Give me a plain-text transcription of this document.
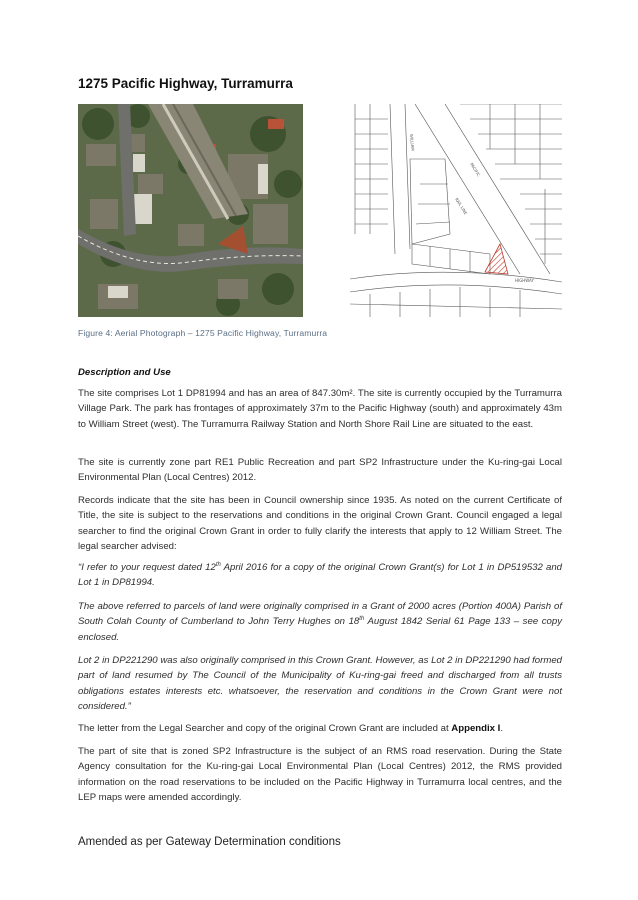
1275 Pacific Highway, Turramurra
PACIFIC
HIGHWAY
WILLIAM
RAIL LINE
Figure 4: Aerial Photograph – 1275 Pacific Highway, Turramurra
Description and Use
The site comprises Lot 1 DP81994 and has an area of 847.30m². The site is currently occupied by the Turramurra Village Park. The park has frontages of approximately 37m to the Pacific Highway (south) and approximately 43m to William Street (west). The Turramurra Railway Station and North Shore Rail Line are situated to the east.
The site is currently zone part RE1 Public Recreation and part SP2 Infrastructure under the Ku-ring-gai Local Environmental Plan (Local Centres) 2012.
Records indicate that the site has been in Council ownership since 1935. As noted on the current Certificate of Title, the site is subject to the reservations and conditions in the original Crown Grant. Council engaged a legal searcher to find the original Crown Grant in order to fully clarify the interests that apply to 12 William Street. The legal searcher advised:
“I refer to your request dated 12th April 2016 for a copy of the original Crown Grant(s) for Lot 1 in DP519532 and Lot 1 in DP81994.
The above referred to parcels of land were originally comprised in a Grant of 2000 acres (Portion 400A) Parish of South Colah County of Cumberland to John Terry Hughes on 18th August 1842 Serial 61 Page 133 – see copy enclosed.
Lot 2 in DP221290 was also originally comprised in this Crown Grant. However, as Lot 2 in DP221290 had formed part of land resumed by The Council of the Municipality of Ku-ring-gai freed and discharged from all trusts obligations estates interests etc. whatsoever, the reservation and conditions in the Crown Grant were not considered.”
The letter from the Legal Searcher and copy of the original Crown Grant are included at Appendix I.
The part of site that is zoned SP2 Infrastructure is the subject of an RMS road reservation. During the State Agency consultation for the Ku-ring-gai Local Environmental Plan (Local Centres) 2012, the RMS provided information on the road reservations to be included on the Pacific Highway in Turramurra local centres, and the LEP maps were amended accordingly.
Amended as per Gateway Determination conditions
